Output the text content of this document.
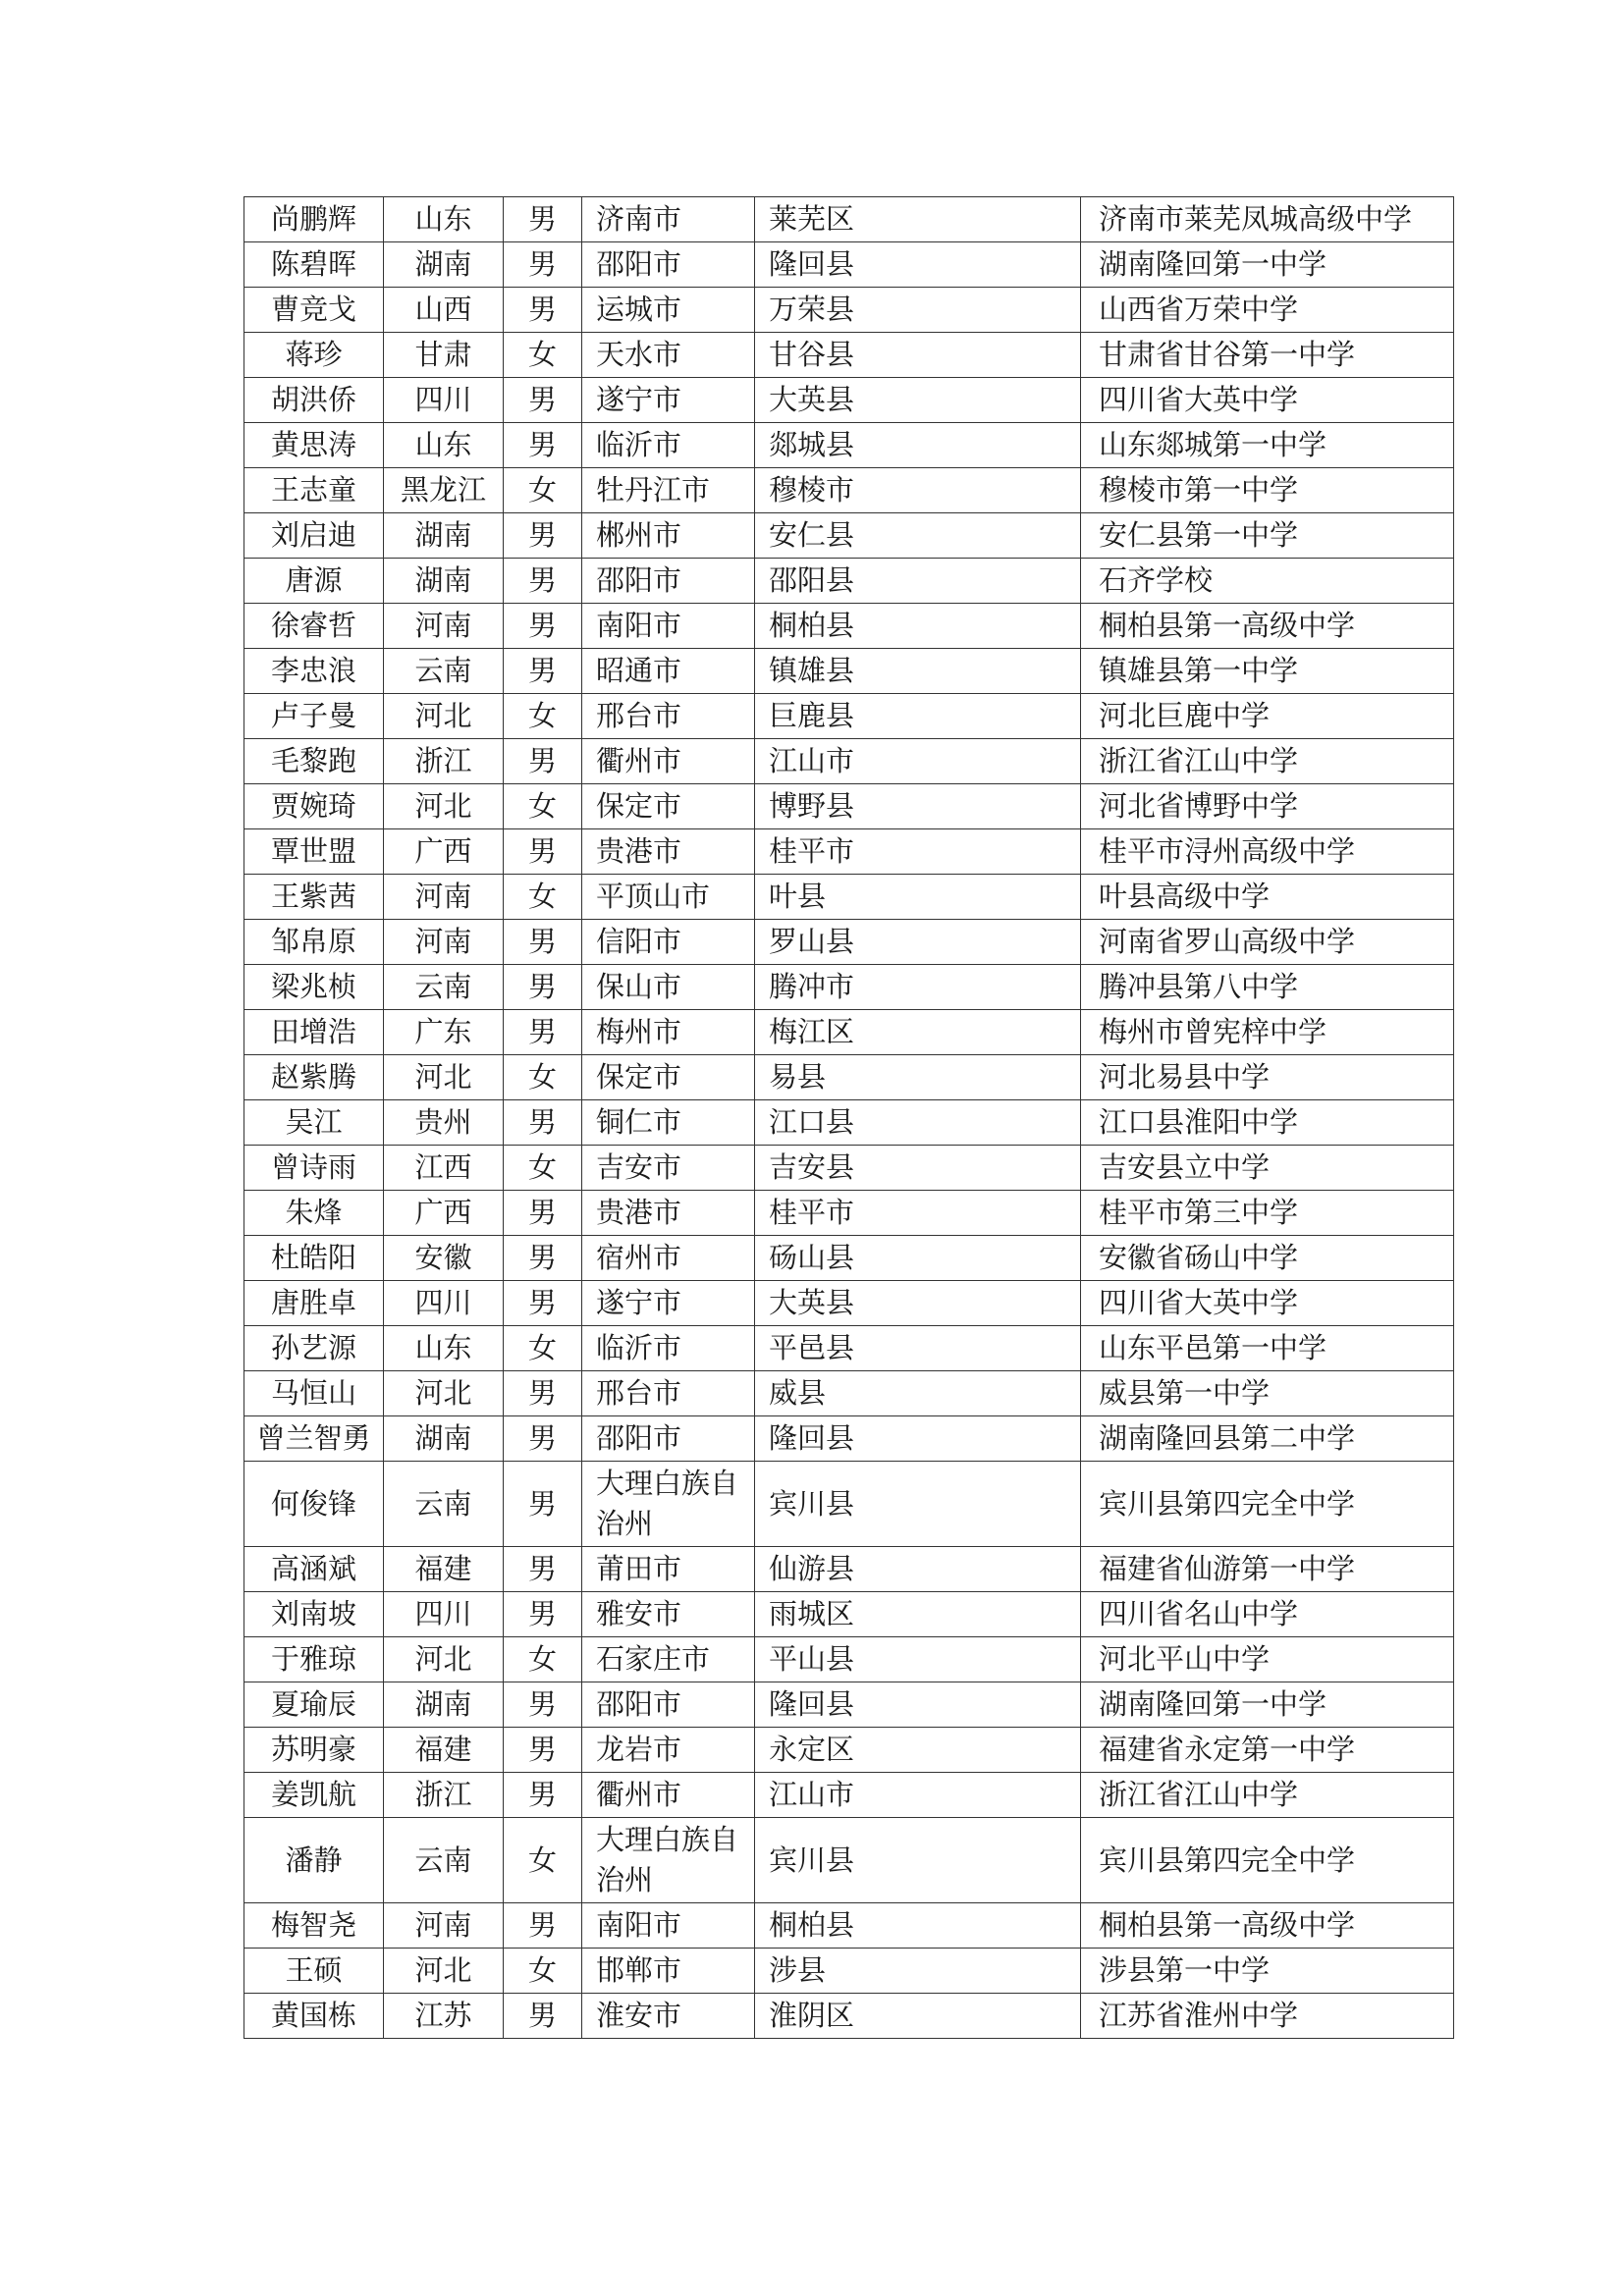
尚鹏辉	山东	男	济南市	莱芜区	济南市莱芜凤城高级中学
陈碧晖	湖南	男	邵阳市	隆回县	湖南隆回第一中学
曹竞戈	山西	男	运城市	万荣县	山西省万荣中学
蒋珍	甘肃	女	天水市	甘谷县	甘肃省甘谷第一中学
胡洪侨	四川	男	遂宁市	大英县	四川省大英中学
黄思涛	山东	男	临沂市	郯城县	山东郯城第一中学
王志童	黑龙江	女	牡丹江市	穆棱市	穆棱市第一中学
刘启迪	湖南	男	郴州市	安仁县	安仁县第一中学
唐源	湖南	男	邵阳市	邵阳县	石齐学校
徐睿哲	河南	男	南阳市	桐柏县	桐柏县第一高级中学
李忠浪	云南	男	昭通市	镇雄县	镇雄县第一中学
卢子曼	河北	女	邢台市	巨鹿县	河北巨鹿中学
毛黎跑	浙江	男	衢州市	江山市	浙江省江山中学
贾婉琦	河北	女	保定市	博野县	河北省博野中学
覃世盟	广西	男	贵港市	桂平市	桂平市浔州高级中学
王紫茜	河南	女	平顶山市	叶县	叶县高级中学
邹帛原	河南	男	信阳市	罗山县	河南省罗山高级中学
梁兆桢	云南	男	保山市	腾冲市	腾冲县第八中学
田增浩	广东	男	梅州市	梅江区	梅州市曾宪梓中学
赵紫腾	河北	女	保定市	易县	河北易县中学
吴江	贵州	男	铜仁市	江口县	江口县淮阳中学
曾诗雨	江西	女	吉安市	吉安县	吉安县立中学
朱烽	广西	男	贵港市	桂平市	桂平市第三中学
杜皓阳	安徽	男	宿州市	砀山县	安徽省砀山中学
唐胜卓	四川	男	遂宁市	大英县	四川省大英中学
孙艺源	山东	女	临沂市	平邑县	山东平邑第一中学
马恒山	河北	男	邢台市	威县	威县第一中学
曾兰智勇	湖南	男	邵阳市	隆回县	湖南隆回县第二中学
何俊锋	云南	男	大理白族自治州	宾川县	宾川县第四完全中学
高涵斌	福建	男	莆田市	仙游县	福建省仙游第一中学
刘南坡	四川	男	雅安市	雨城区	四川省名山中学
于雅琼	河北	女	石家庄市	平山县	河北平山中学
夏瑜辰	湖南	男	邵阳市	隆回县	湖南隆回第一中学
苏明豪	福建	男	龙岩市	永定区	福建省永定第一中学
姜凯航	浙江	男	衢州市	江山市	浙江省江山中学
潘静	云南	女	大理白族自治州	宾川县	宾川县第四完全中学
梅智尧	河南	男	南阳市	桐柏县	桐柏县第一高级中学
王硕	河北	女	邯郸市	涉县	涉县第一中学
黄国栋	江苏	男	淮安市	淮阴区	江苏省淮州中学
